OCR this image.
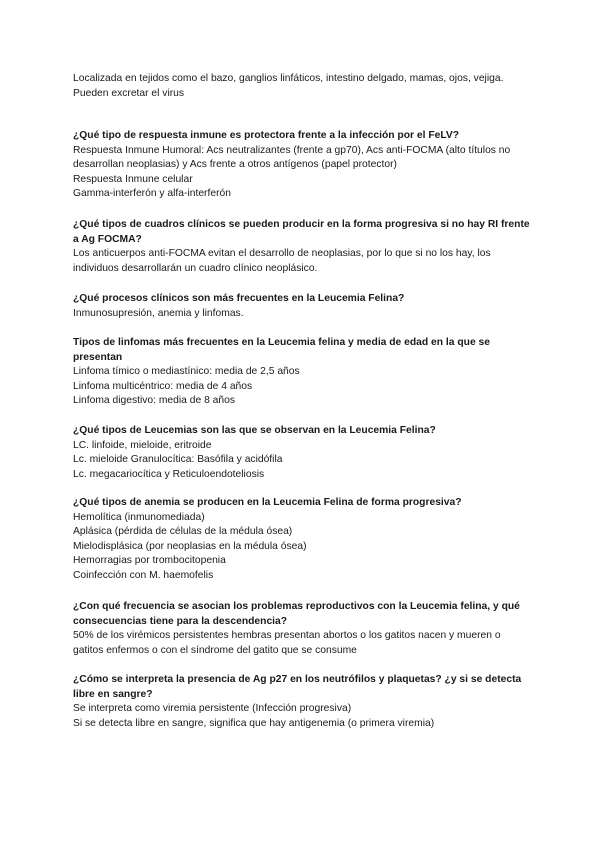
Localizada en tejidos como el bazo, ganglios linfáticos, intestino delgado, mamas, ojos, vejiga.

Pueden excretar el virus

¿Qué tipo de respuesta inmune es protectora frente a la infección por el FeLV?

Respuesta Inmune Humoral: Acs neutralizantes (frente a gp70), Acs anti-FOCMA (alto títulos no desarrollan neoplasias) y Acs frente a otros antígenos (papel protector)

Respuesta Inmune celular

Gamma-interferón y alfa-interferón

¿Qué tipos de cuadros clínicos se pueden producir en la forma progresiva si no hay RI frente a Ag FOCMA?

Los anticuerpos anti-FOCMA evitan el desarrollo de neoplasias, por lo que si no los hay, los individuos desarrollarán un cuadro clínico neoplásico.

¿Qué procesos clínicos son más frecuentes en la Leucemia Felina?

Inmunosupresión, anemia y linfomas.

Tipos de linfomas más frecuentes en la Leucemia felina y media de edad en la que se presentan

Linfoma tímico o mediastínico: media de 2,5 años

Linfoma multicéntrico: media de 4 años

Linfoma digestivo: media de 8 años

¿Qué tipos de Leucemias son las que se observan en la Leucemia Felina?

LC. linfoide, mieloide, eritroide

Lc. mieloide Granulocítica: Basófila y acidófila

Lc. megacariocítica y Reticuloendoteliosis

¿Qué tipos de anemia se producen en la Leucemia Felina de forma progresiva?

Hemolítica (inmunomediada)

Aplásica (pérdida de células de la médula ósea)

Mielodisplásica (por neoplasias en la médula ósea)

Hemorragias por trombocitopenia

Coinfección con M. haemofelis

¿Con qué frecuencia se asocian los problemas reproductivos con la Leucemia felina, y qué consecuencias tiene para la descendencia?

50% de los virémicos persistentes hembras presentan abortos o los gatitos nacen y mueren o gatitos enfermos o con el síndrome del gatito que se consume

¿Cómo se interpreta la presencia de Ag p27 en los neutrófilos y plaquetas? ¿y si se detecta libre en sangre?

Se interpreta como viremia persistente (Infección progresiva)

Si se detecta libre en sangre, significa que hay antigenemia (o primera viremia)
